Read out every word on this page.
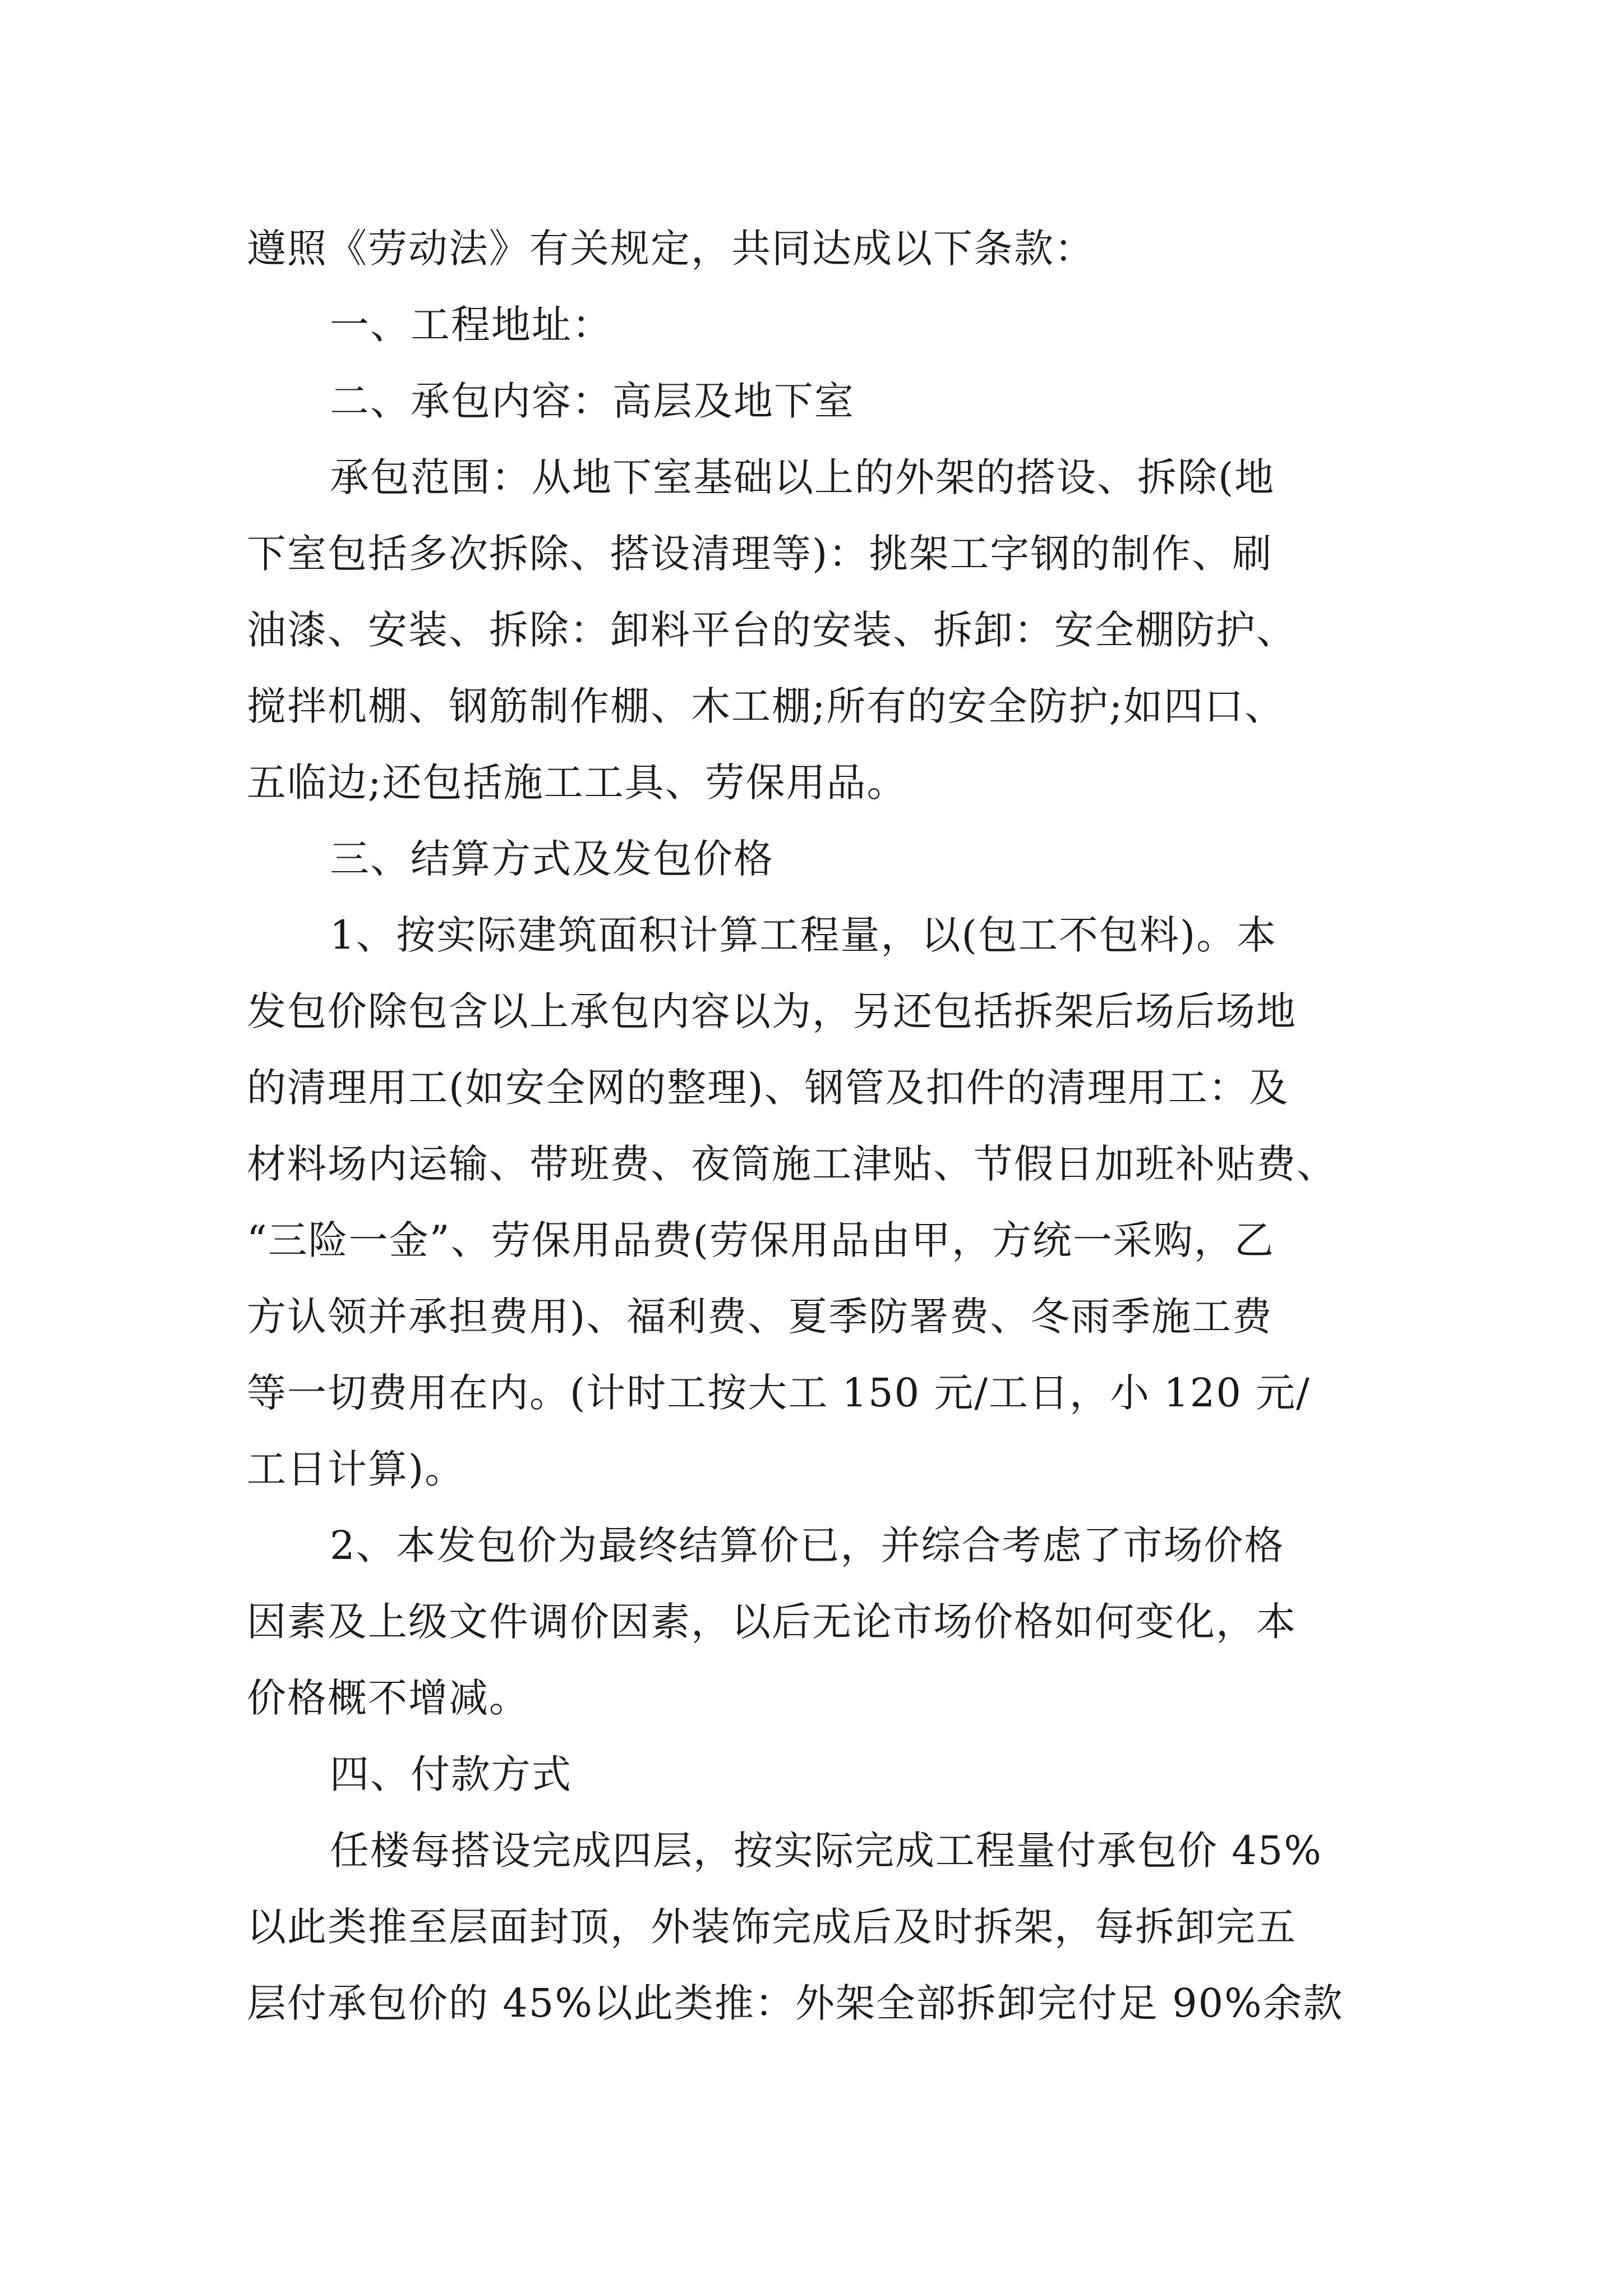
遵照《劳动法》有关规定，共同达成以下条款：
一、工程地址：
二、承包内容：高层及地下室
承包范围：从地下室基础以上的外架的搭设、拆除(地
下室包括多次拆除、搭设清理等)：挑架工字钢的制作、刷
油漆、安装、拆除：卸料平台的安装、拆卸：安全棚防护、
搅拌机棚、钢筋制作棚、木工棚;所有的安全防护;如四口、
五临边;还包括施工工具、劳保用品。
三、结算方式及发包价格
1、按实际建筑面积计算工程量，以(包工不包料)。本
发包价除包含以上承包内容以为，另还包括拆架后场后场地
的清理用工(如安全网的整理)、钢管及扣件的清理用工：及
材料场内运输、带班费、夜筒施工津贴、节假日加班补贴费、
“三险一金”、劳保用品费(劳保用品由甲，方统一采购，乙
方认领并承担费用)、福利费、夏季防署费、冬雨季施工费
等一切费用在内。(计时工按大工 150 元/工日，小 120 元/
工日计算)。
2、本发包价为最终结算价已，并综合考虑了市场价格
因素及上级文件调价因素，以后无论市场价格如何变化，本
价格概不增减。
四、付款方式
任楼每搭设完成四层，按实际完成工程量付承包价 45%
以此类推至层面封顶，外装饰完成后及时拆架，每拆卸完五
层付承包价的 45%以此类推：外架全部拆卸完付足 90%余款
